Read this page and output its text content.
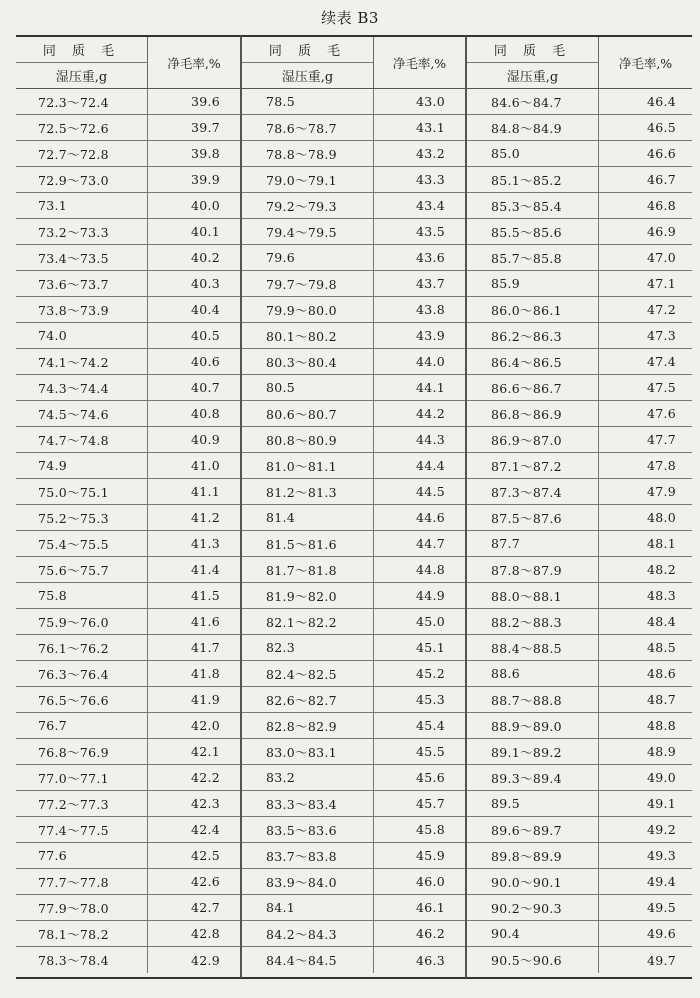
续表 B3
同 质 毛
湿压重,g
净毛率,%
72.3～72.4	39.6
72.5～72.6	39.7
72.7～72.8	39.8
72.9～73.0	39.9
73.1	40.0
73.2～73.3	40.1
73.4～73.5	40.2
73.6～73.7	40.3
73.8～73.9	40.4
74.0	40.5
74.1～74.2	40.6
74.3～74.4	40.7
74.5～74.6	40.8
74.7～74.8	40.9
74.9	41.0
75.0～75.1	41.1
75.2～75.3	41.2
75.4～75.5	41.3
75.6～75.7	41.4
75.8	41.5
75.9～76.0	41.6
76.1～76.2	41.7
76.3～76.4	41.8
76.5～76.6	41.9
76.7	42.0
76.8～76.9	42.1
77.0～77.1	42.2
77.2～77.3	42.3
77.4～77.5	42.4
77.6	42.5
77.7～77.8	42.6
77.9～78.0	42.7
78.1～78.2	42.8
78.3～78.4	42.9
同 质 毛
湿压重,g
净毛率,%
78.5	43.0
78.6～78.7	43.1
78.8～78.9	43.2
79.0～79.1	43.3
79.2～79.3	43.4
79.4～79.5	43.5
79.6	43.6
79.7～79.8	43.7
79.9～80.0	43.8
80.1～80.2	43.9
80.3～80.4	44.0
80.5	44.1
80.6～80.7	44.2
80.8～80.9	44.3
81.0～81.1	44.4
81.2～81.3	44.5
81.4	44.6
81.5～81.6	44.7
81.7～81.8	44.8
81.9～82.0	44.9
82.1～82.2	45.0
82.3	45.1
82.4～82.5	45.2
82.6～82.7	45.3
82.8～82.9	45.4
83.0～83.1	45.5
83.2	45.6
83.3～83.4	45.7
83.5～83.6	45.8
83.7～83.8	45.9
83.9～84.0	46.0
84.1	46.1
84.2～84.3	46.2
84.4～84.5	46.3
同 质 毛
湿压重,g
净毛率,%
84.6～84.7	46.4
84.8～84.9	46.5
85.0	46.6
85.1～85.2	46.7
85.3～85.4	46.8
85.5～85.6	46.9
85.7～85.8	47.0
85.9	47.1
86.0～86.1	47.2
86.2～86.3	47.3
86.4～86.5	47.4
86.6～86.7	47.5
86.8～86.9	47.6
86.9～87.0	47.7
87.1～87.2	47.8
87.3～87.4	47.9
87.5～87.6	48.0
87.7	48.1
87.8～87.9	48.2
88.0～88.1	48.3
88.2～88.3	48.4
88.4～88.5	48.5
88.6	48.6
88.7～88.8	48.7
88.9～89.0	48.8
89.1～89.2	48.9
89.3～89.4	49.0
89.5	49.1
89.6～89.7	49.2
89.8～89.9	49.3
90.0～90.1	49.4
90.2～90.3	49.5
90.4	49.6
90.5～90.6	49.7
